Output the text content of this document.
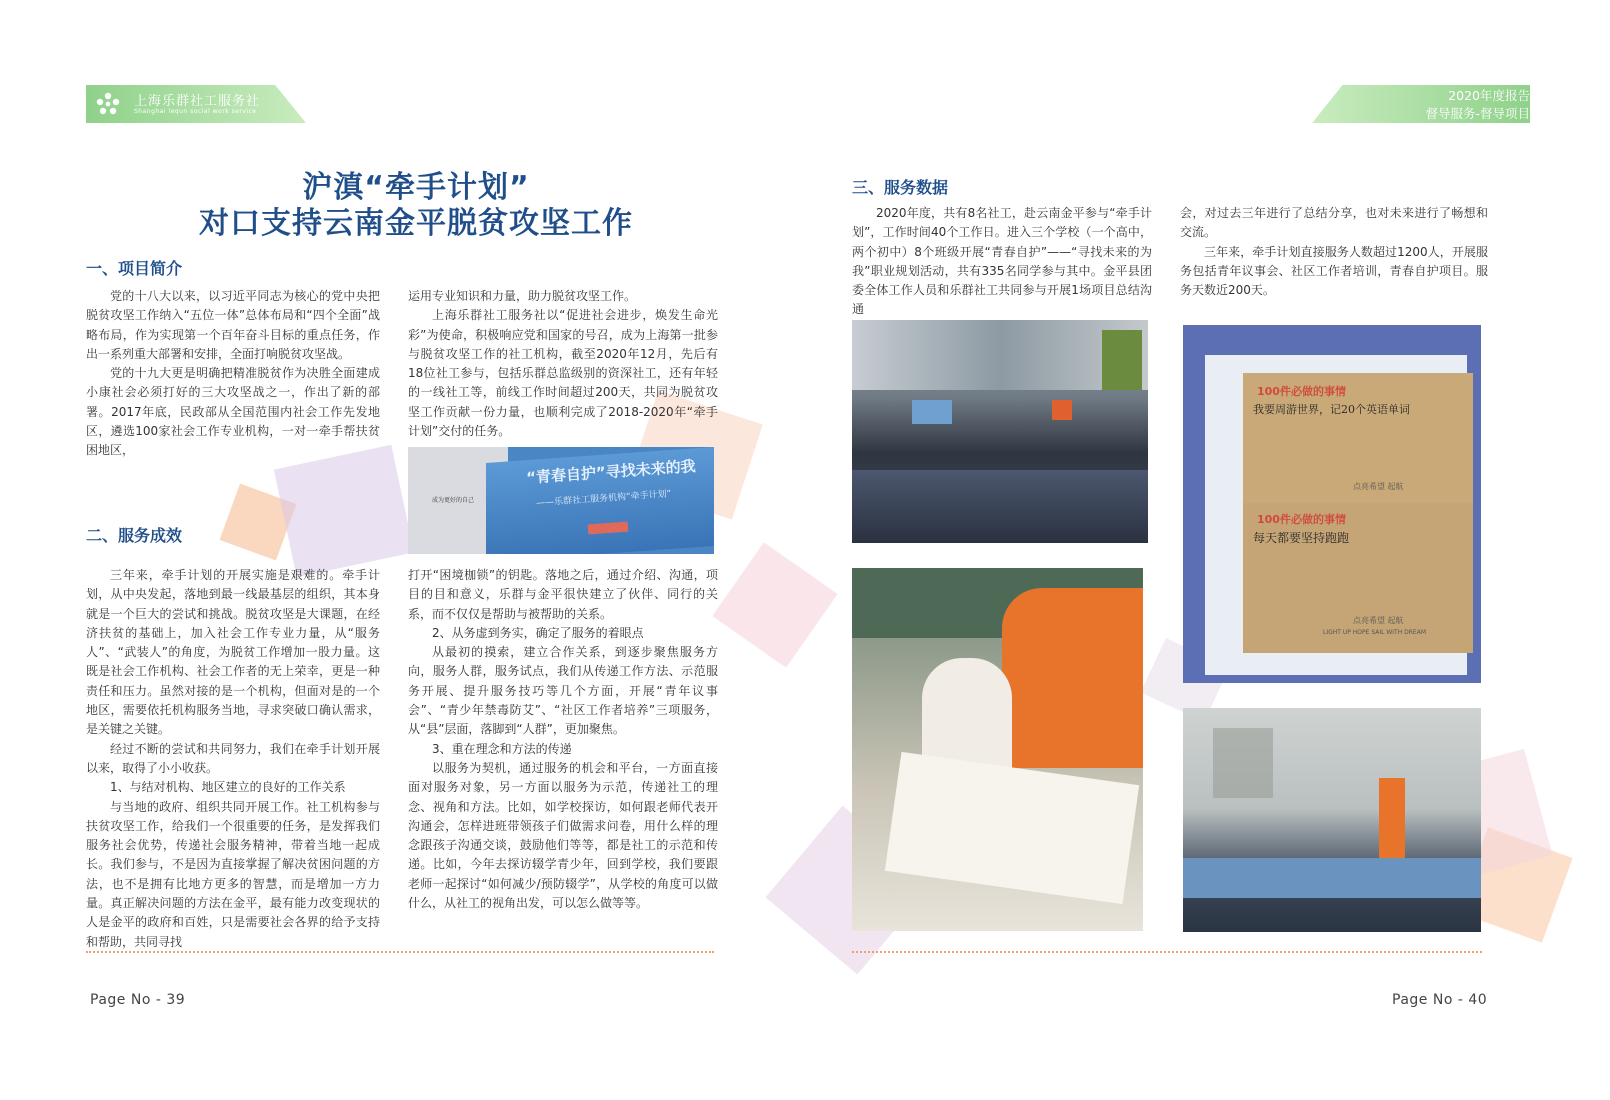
上海乐群社工服务社
Shanghai lequn social work service
2020年度报告
督导服务-督导项目
沪滇“牵手计划”
对口支持云南金平脱贫攻坚工作
一、项目简介

党的十八大以来，以习近平同志为核心的党中央把脱贫攻坚工作纳入“五位一体”总体布局和“四个全面”战略布局，作为实现第一个百年奋斗目标的重点任务，作出一系列重大部署和安排，全面打响脱贫攻坚战。

党的十九大更是明确把精准脱贫作为决胜全面建成小康社会必须打好的三大攻坚战之一，作出了新的部署。2017年底，民政部从全国范围内社会工作先发地区，遴选100家社会工作专业机构，一对一牵手帮扶贫困地区，

运用专业知识和力量，助力脱贫攻坚工作。

上海乐群社工服务社以“促进社会进步，焕发生命光彩”为使命，积极响应党和国家的号召，成为上海第一批参与脱贫攻坚工作的社工机构，截至2020年12月，先后有18位社工参与，包括乐群总监级别的资深社工，还有年轻的一线社工等，前线工作时间超过200天，共同为脱贫攻坚工作贡献一份力量，也顺利完成了2018-2020年“牵手计划”交付的任务。

成为更好的自己
“青春自护”寻找未来的我
——乐群社工服务机构“牵手计划”
二、服务成效

三年来，牵手计划的开展实施是艰难的。牵手计划，从中央发起，落地到最一线最基层的组织，其本身就是一个巨大的尝试和挑战。脱贫攻坚是大课题，在经济扶贫的基础上，加入社会工作专业力量，从“服务人”、“武装人”的角度，为脱贫工作增加一股力量。这既是社会工作机构、社会工作者的无上荣幸，更是一种责任和压力。虽然对接的是一个机构，但面对是的一个地区，需要依托机构服务当地，寻求突破口确认需求，是关键之关键。

经过不断的尝试和共同努力，我们在牵手计划开展以来，取得了小小收获。

1、与结对机构、地区建立的良好的工作关系

与当地的政府、组织共同开展工作。社工机构参与扶贫攻坚工作，给我们一个很重要的任务，是发挥我们服务社会优势，传递社会服务精神，带着当地一起成长。我们参与，不是因为直接掌握了解决贫困问题的方法，也不是拥有比地方更多的智慧，而是增加一方力量。真正解决问题的方法在金平，最有能力改变现状的人是金平的政府和百姓，只是需要社会各界的给予支持和帮助，共同寻找

打开“困境枷锁”的钥匙。落地之后，通过介绍、沟通，项目的目和意义，乐群与金平很快建立了伙伴、同行的关系，而不仅仅是帮助与被帮助的关系。

2、从务虚到务实，确定了服务的着眼点

从最初的摸索，建立合作关系，到逐步聚焦服务方向，服务人群，服务试点，我们从传递工作方法、示范服务开展、提升服务技巧等几个方面，开展“青年议事会”、“青少年禁毒防艾”、“社区工作者培养”三项服务，从“县”层面，落脚到“人群”，更加聚焦。

3、重在理念和方法的传递

以服务为契机，通过服务的机会和平台，一方面直接面对服务对象，另一方面以服务为示范，传递社工的理念、视角和方法。比如，如学校探访，如何跟老师代表开沟通会，怎样进班带领孩子们做需求问卷，用什么样的理念跟孩子沟通交谈，鼓励他们等等，都是社工的示范和传递。比如，今年去探访辍学青少年，回到学校，我们要跟老师一起探讨“如何减少/预防辍学”，从学校的角度可以做什么，从社工的视角出发，可以怎么做等等。

三、服务数据

2020年度，共有8名社工，赴云南金平参与“牵手计划”，工作时间40个工作日。进入三个学校（一个高中，两个初中）8个班级开展“青春自护”——“寻找未来的为我”职业规划活动，共有335名同学参与其中。金平县团委全体工作人员和乐群社工共同参与开展1场项目总结沟通

会，对过去三年进行了总结分享，也对未来进行了畅想和交流。

三年来，牵手计划直接服务人数超过1200人，开展服务包括青年议事会、社区工作者培训，青春自护项目。服务天数近200天。

100件必做的事情
我要周游世界，记20个英语单词
点亮希望 起航
100件必做的事情
每天都要坚持跑跑
点亮希望 起航
LIGHT UP HOPE SAIL WITH DREAM
Page No - 39	Page No - 40
